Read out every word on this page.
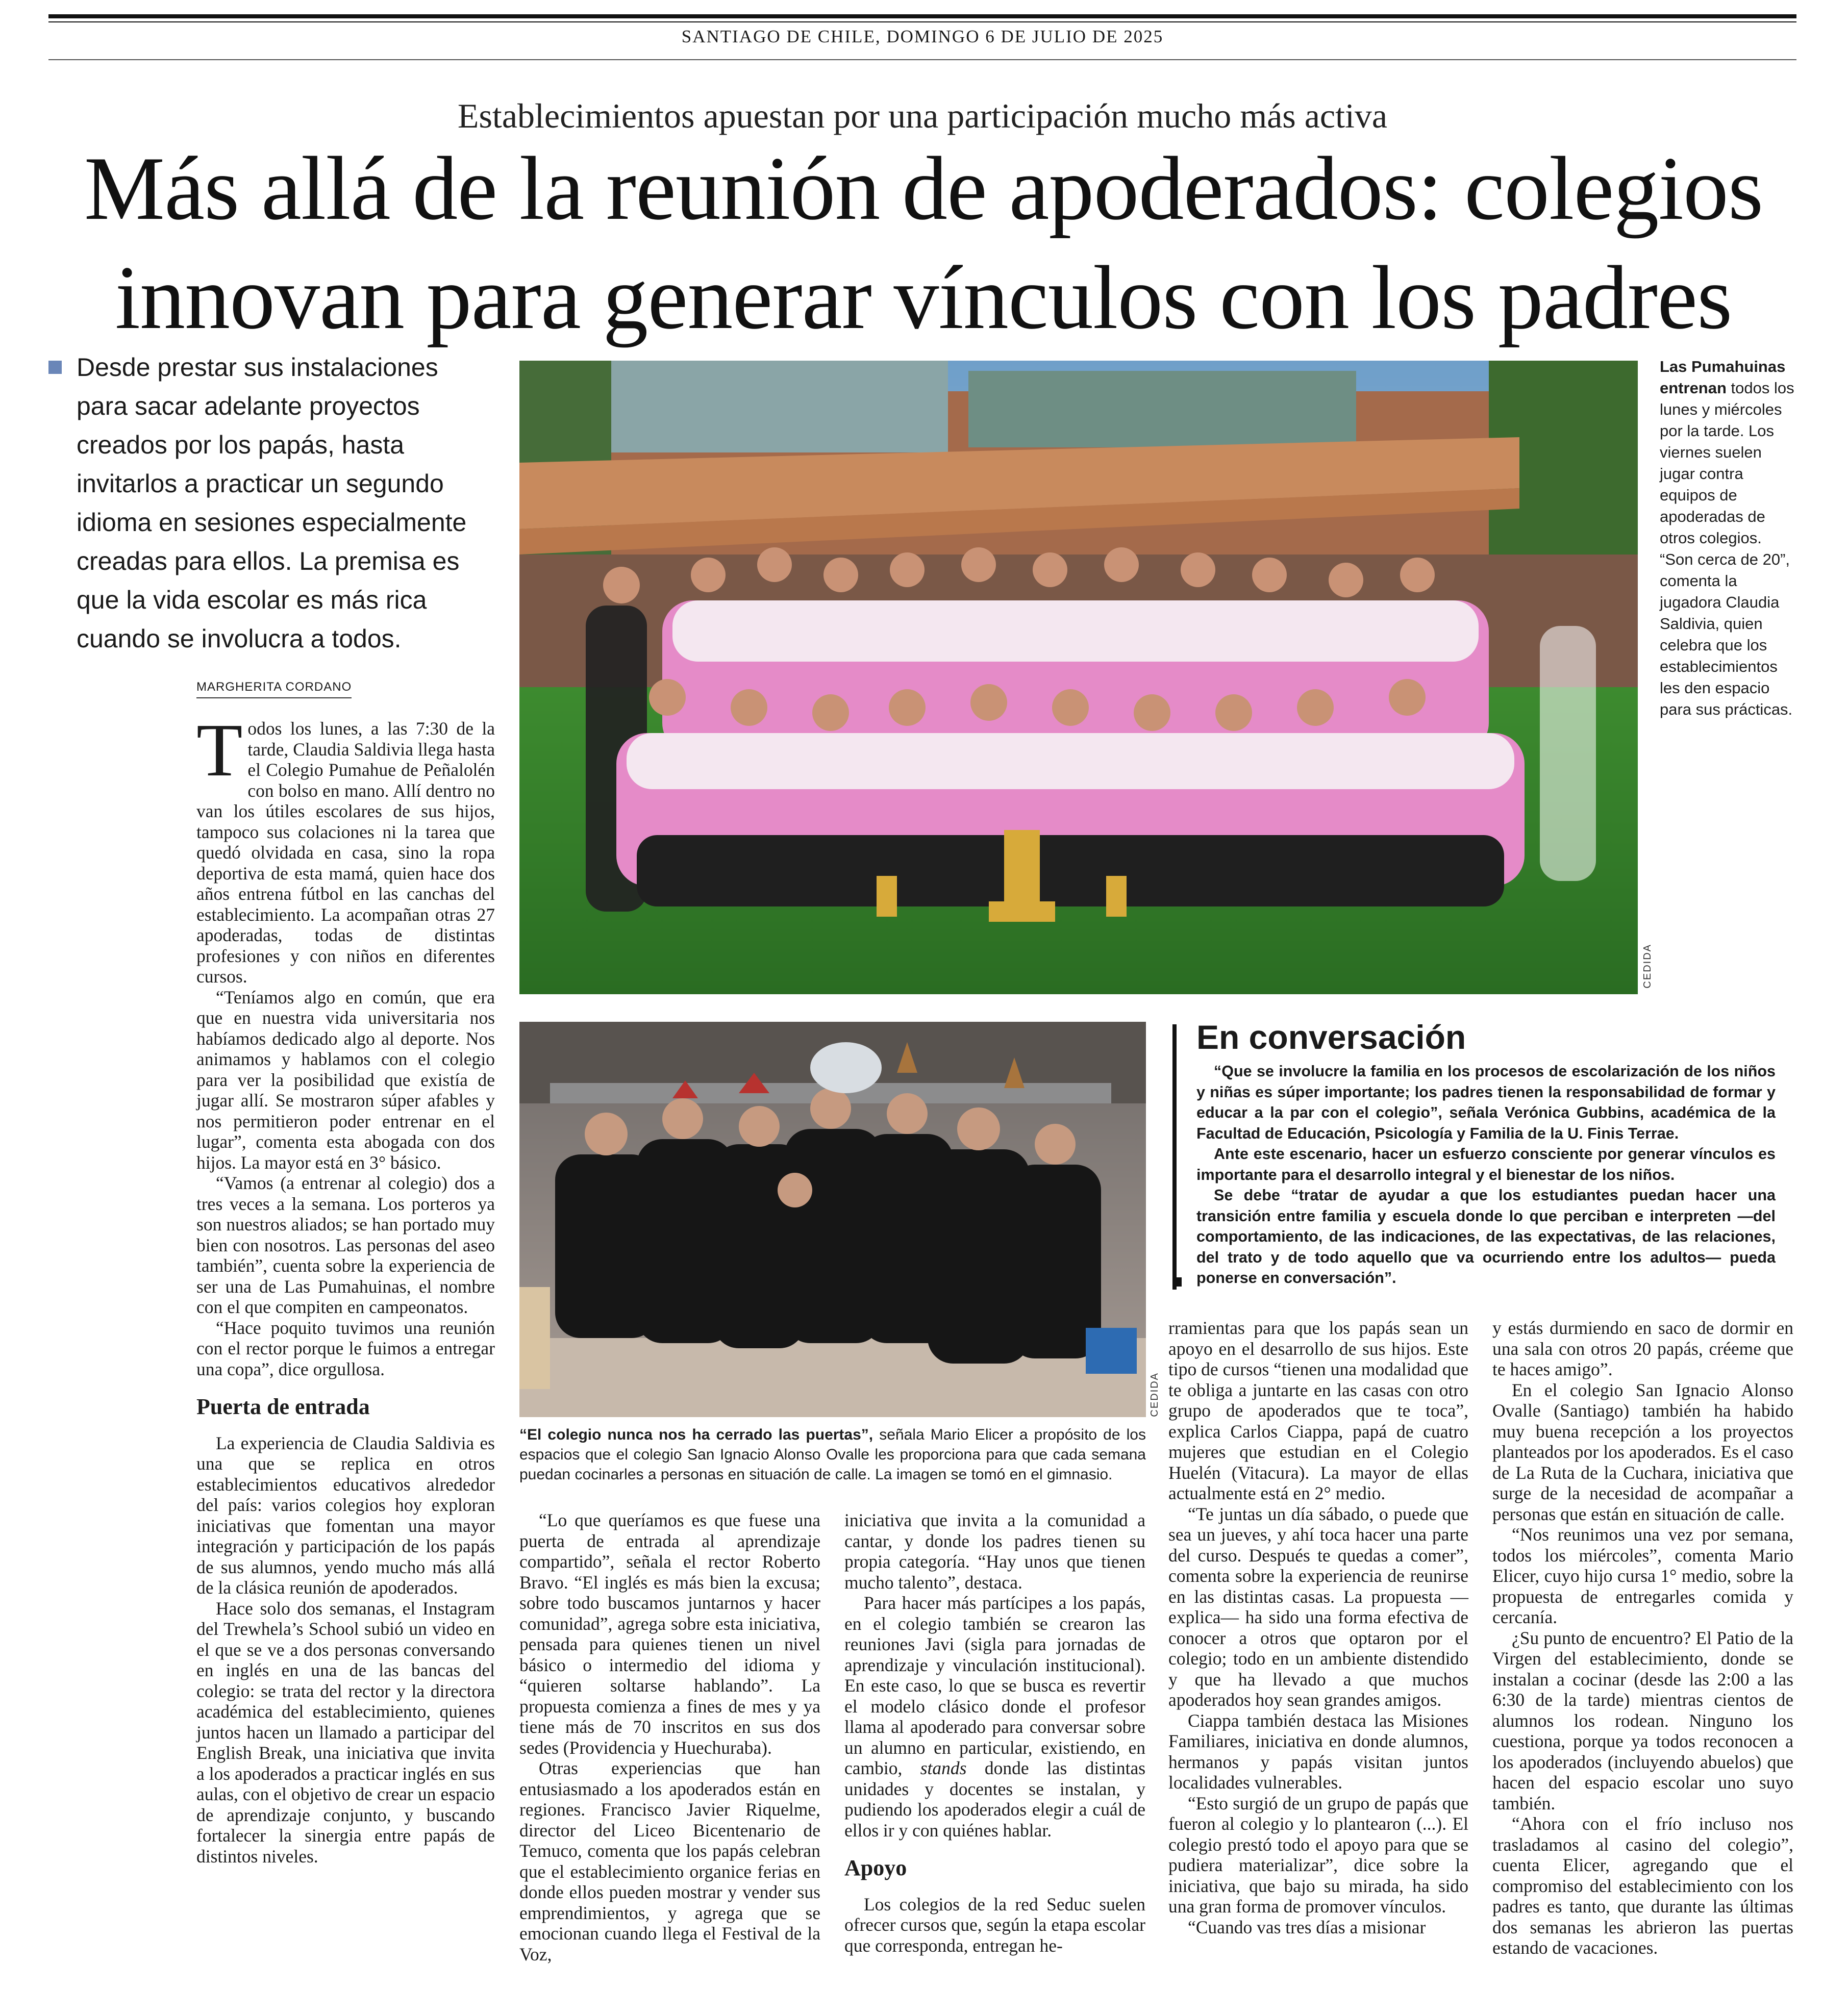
SANTIAGO DE CHILE, DOMINGO 6 DE JULIO DE 2025
Establecimientos apuestan por una participación mucho más activa
Más allá de la reunión de apoderados: colegios innovan para generar vínculos con los padres
Desde prestar sus instalaciones para sacar adelante proyectos creados por los papás, hasta invitarlos a practicar un segundo idioma en sesiones especialmente creadas para ellos. La premisa es que la vida escolar es más rica cuando se involucra a todos.
MARGHERITA CORDANO

Todos los lunes, a las 7:30 de la tarde, Claudia Saldivia llega hasta el Colegio Pumahue de Peñalolén con bolso en mano. Allí dentro no van los útiles escolares de sus hijos, tampoco sus colaciones ni la tarea que quedó olvidada en casa, sino la ropa deportiva de esta mamá, quien hace dos años entrena fútbol en las canchas del establecimiento. La acompañan otras 27 apoderadas, todas de distintas profesiones y con niños en diferentes cursos.

“Teníamos algo en común, que era que en nuestra vida universitaria nos habíamos dedicado algo al deporte. Nos animamos y hablamos con el colegio para ver la posibilidad que existía de jugar allí. Se mostraron súper afables y nos permitieron poder entrenar en el lugar”, comenta esta abogada con dos hijos. La mayor está en 3° básico.

“Vamos (a entrenar al colegio) dos a tres veces a la semana. Los porteros ya son nuestros aliados; se han portado muy bien con nosotros. Las personas del aseo también”, cuenta sobre la experiencia de ser una de Las Pumahuinas, el nombre con el que compiten en campeonatos.

“Hace poquito tuvimos una reunión con el rector porque le fuimos a entregar una copa”, dice orgullosa.

Puerta de entrada

La experiencia de Claudia Saldivia es una que se replica en otros establecimientos educativos alrededor del país: varios colegios hoy exploran iniciativas que fomentan una mayor integración y participación de los papás de sus alumnos, yendo mucho más allá de la clásica reunión de apoderados.

Hace solo dos semanas, el Instagram del Trewhela’s School subió un video en el que se ve a dos personas conversando en inglés en una de las bancas del colegio: se trata del rector y la directora académica del establecimiento, quienes juntos hacen un llamado a participar del English Break, una iniciativa que invita a los apoderados a practicar inglés en sus aulas, con el objetivo de crear un espacio de aprendizaje conjunto, y buscando fortalecer la sinergia entre papás de distintos niveles.

CEDIDA
Las Pumahuinas entrenan todos los lunes y miércoles por la tarde. Los viernes suelen jugar contra equipos de apoderadas de otros colegios. “Son cerca de 20”, comenta la jugadora Claudia Saldivia, quien celebra que los establecimientos les den espacio para sus prácticas.
CEDIDA
“El colegio nunca nos ha cerrado las puertas”, señala Mario Elicer a propósito de los espacios que el colegio San Ignacio Alonso Ovalle les proporciona para que cada semana puedan cocinarles a personas en situación de calle. La imagen se tomó en el gimnasio.
En conversación

“Que se involucre la familia en los procesos de escolarización de los niños y niñas es súper importante; los padres tienen la responsabilidad de formar y educar a la par con el colegio”, señala Verónica Gubbins, académica de la Facultad de Educación, Psicología y Familia de la U. Finis Terrae.

Ante este escenario, hacer un esfuerzo consciente por generar vínculos es importante para el desarrollo integral y el bienestar de los niños.

Se debe “tratar de ayudar a que los estudiantes puedan hacer una transición entre familia y escuela donde lo que perciban e interpreten —del comportamiento, de las indicaciones, de las expectativas, de las relaciones, del trato y de todo aquello que va ocurriendo entre los adultos— pueda ponerse en conversación”.

“Lo que queríamos es que fuese una puerta de entrada al aprendizaje compartido”, señala el rector Roberto Bravo. “El inglés es más bien la excusa; sobre todo buscamos juntarnos y hacer comunidad”, agrega sobre esta iniciativa, pensada para quienes tienen un nivel básico o intermedio del idioma y “quieren soltarse hablando”. La propuesta comienza a fines de mes y ya tiene más de 70 inscritos en sus dos sedes (Providencia y Huechuraba).

Otras experiencias que han entusiasmado a los apoderados están en regiones. Francisco Javier Riquelme, director del Liceo Bicentenario de Temuco, comenta que los papás celebran que el establecimiento organice ferias en donde ellos pueden mostrar y vender sus emprendimientos, y agrega que se emocionan cuando llega el Festival de la Voz,

iniciativa que invita a la comunidad a cantar, y donde los padres tienen su propia categoría. “Hay unos que tienen mucho talento”, destaca.

Para hacer más partícipes a los papás, en el colegio también se crearon las reuniones Javi (sigla para jornadas de aprendizaje y vinculación institucional). En este caso, lo que se busca es revertir el modelo clásico donde el profesor llama al apoderado para conversar sobre un alumno en particular, existiendo, en cambio, stands donde las distintas unidades y docentes se instalan, y pudiendo los apoderados elegir a cuál de ellos ir y con quiénes hablar.

Apoyo

Los colegios de la red Seduc suelen ofrecer cursos que, según la etapa escolar que corresponda, entregan he-

rramientas para que los papás sean un apoyo en el desarrollo de sus hijos. Este tipo de cursos “tienen una modalidad que te obliga a juntarte en las casas con otro grupo de apoderados que te toca”, explica Carlos Ciappa, papá de cuatro mujeres que estudian en el Colegio Huelén (Vitacura). La mayor de ellas actualmente está en 2° medio.

“Te juntas un día sábado, o puede que sea un jueves, y ahí toca hacer una parte del curso. Después te quedas a comer”, comenta sobre la experiencia de reunirse en las distintas casas. La propuesta —explica— ha sido una forma efectiva de conocer a otros que optaron por el colegio; todo en un ambiente distendido y que ha llevado a que muchos apoderados hoy sean grandes amigos.

Ciappa también destaca las Misiones Familiares, iniciativa en donde alumnos, hermanos y papás visitan juntos localidades vulnerables.

“Esto surgió de un grupo de papás que fueron al colegio y lo plantearon (...). El colegio prestó todo el apoyo para que se pudiera materializar”, dice sobre la iniciativa, que bajo su mirada, ha sido una gran forma de promover vínculos.

“Cuando vas tres días a misionar

y estás durmiendo en saco de dormir en una sala con otros 20 papás, créeme que te haces amigo”.

En el colegio San Ignacio Alonso Ovalle (Santiago) también ha habido muy buena recepción a los proyectos planteados por los apoderados. Es el caso de La Ruta de la Cuchara, iniciativa que surge de la necesidad de acompañar a personas que están en situación de calle.

“Nos reunimos una vez por semana, todos los miércoles”, comenta Mario Elicer, cuyo hijo cursa 1° medio, sobre la propuesta de entregarles comida y cercanía.

¿Su punto de encuentro? El Patio de la Virgen del establecimiento, donde se instalan a cocinar (desde las 2:00 a las 6:30 de la tarde) mientras cientos de alumnos los rodean. Ninguno los cuestiona, porque ya todos reconocen a los apoderados (incluyendo abuelos) que hacen del espacio escolar uno suyo también.

“Ahora con el frío incluso nos trasladamos al casino del colegio”, cuenta Elicer, agregando que el compromiso del establecimiento con los padres es tanto, que durante las últimas dos semanas les abrieron las puertas estando de vacaciones.
